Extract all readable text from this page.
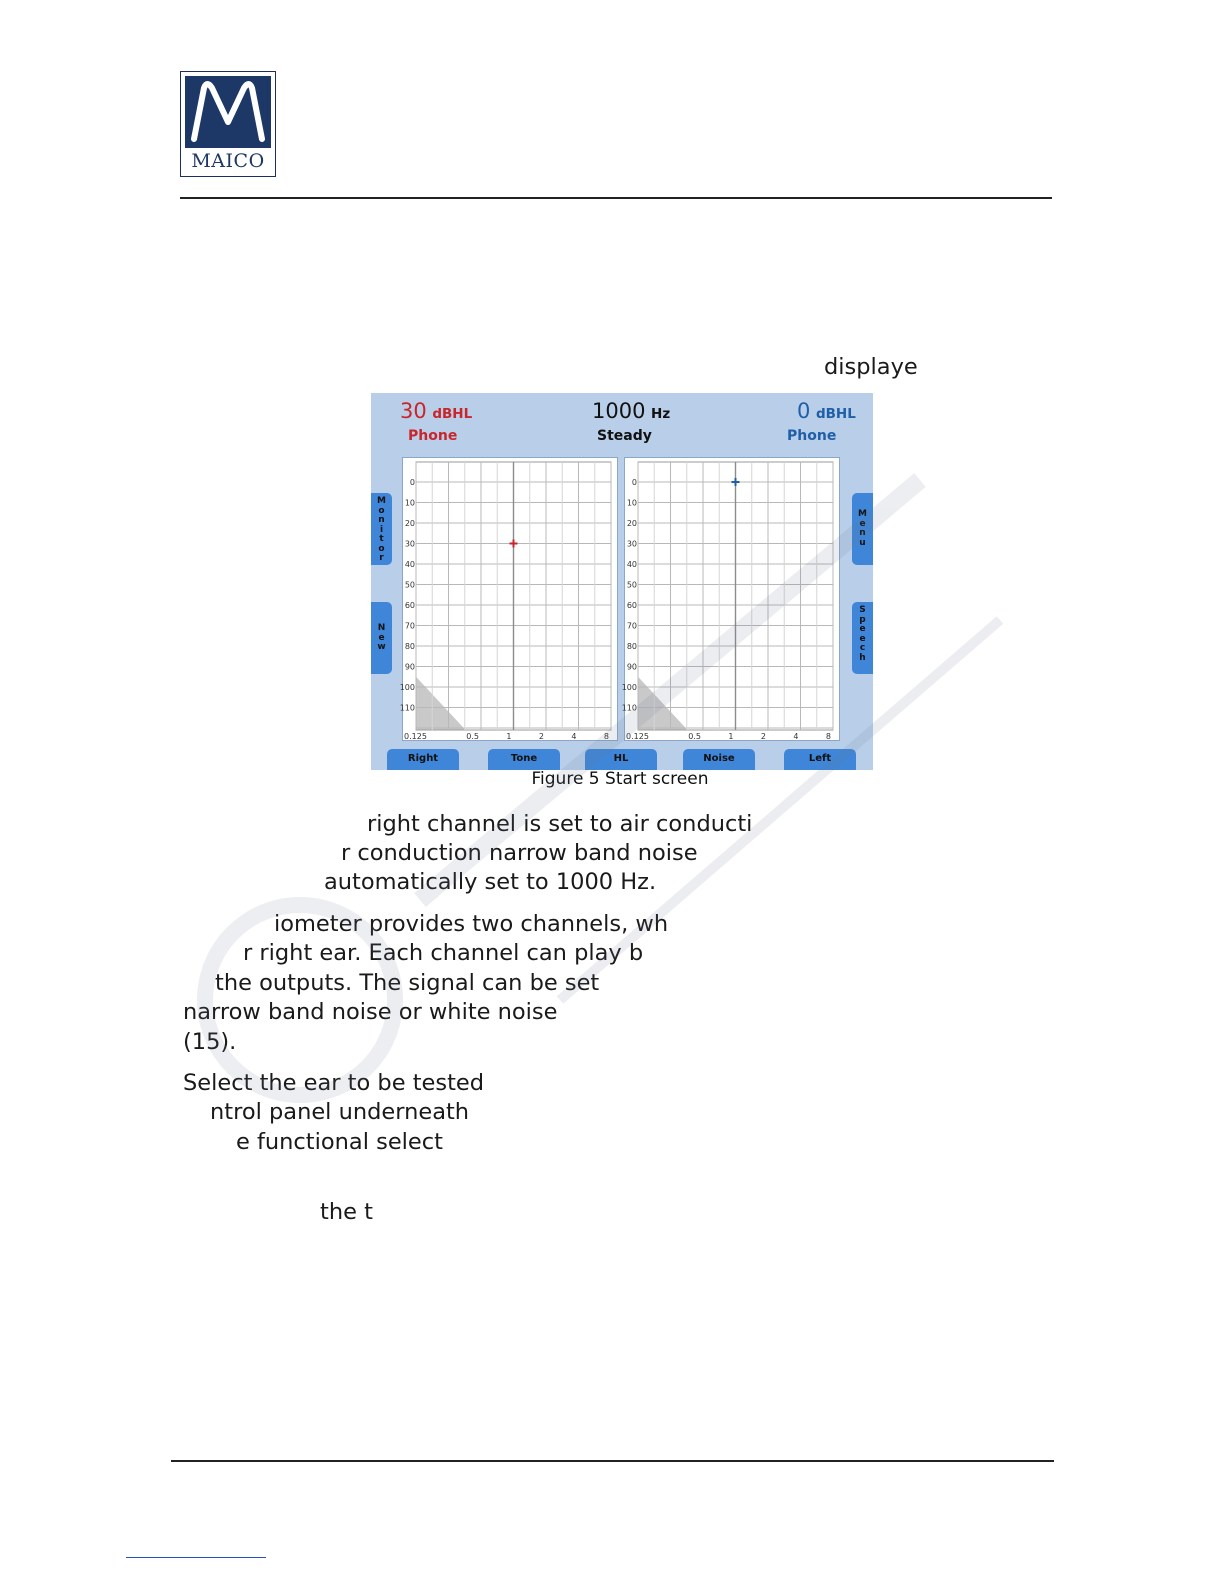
MAICO
displaye
30 dBHL
Phone
1000 Hz
Steady
0 dBHL
Phone
0
10
20
30
40
50
60
70
80
90
100
110
0.125	0.5	1	2	4	8
0
10
20
30
40
50
60
70
80
90
100
110
0.125	0.5	1	2	4	8
M
o
n
i
t
o
r
N
e
w
M
e
n
u
S
p
e
e
c
h
Right	Tone	HL	Noise	Left
Figure 5 Start screen
right channel is set to air conducti
r conduction narrow band noise
automatically set to 1000 Hz.
iometer provides two channels, wh
r right ear. Each channel can play b
the outputs. The signal can be set
narrow band noise or white noise
(15).
Select the ear to be tested
ntrol panel underneath
e functional select
the t
